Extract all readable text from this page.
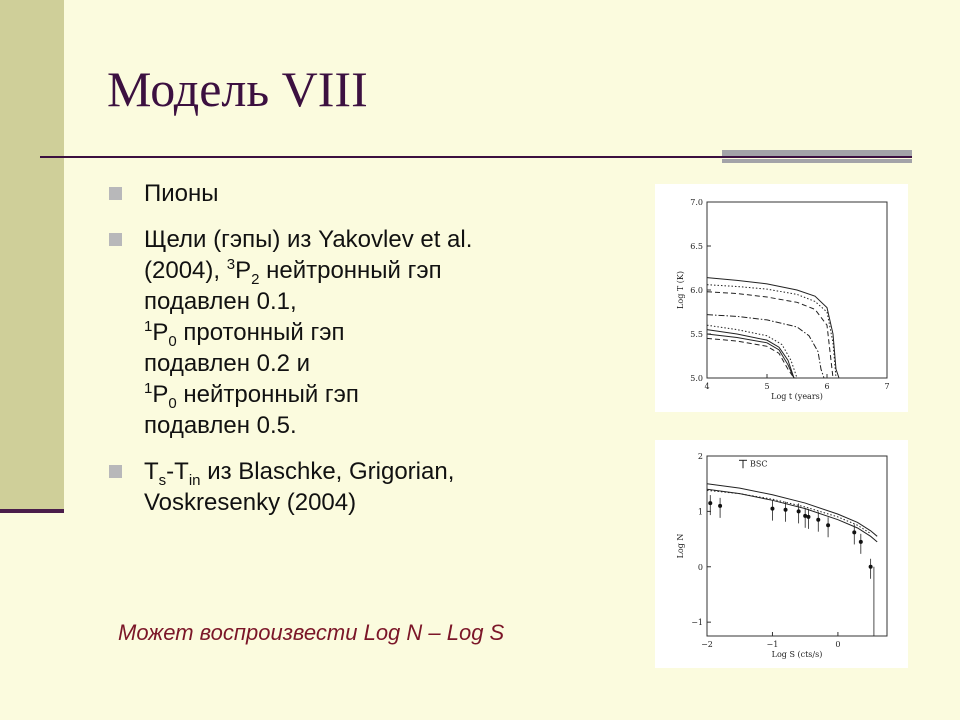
Модель VIII
Пионы
Щели (гэпы) из Yakovlev et al.
(2004), $^3P_2$ нейтронный гэп
подавлен 0.1,
$^1P_0$ протонный гэп
подавлен 0.2 и
$^1P_0$ нейтронный гэп
подавлен 0.5.
$T_s-T_{in}$ из Blaschke, Grigorian,
Voskresenky (2004)
Может воспроизвести Log N – Log S
4	5	6	7
5.0
5.5
6.0
6.5
7.0
Log t (years)
Log T (K)
−2	−1	0
−1
0
1
2
Log S (cts/s)
Log N
BSC
